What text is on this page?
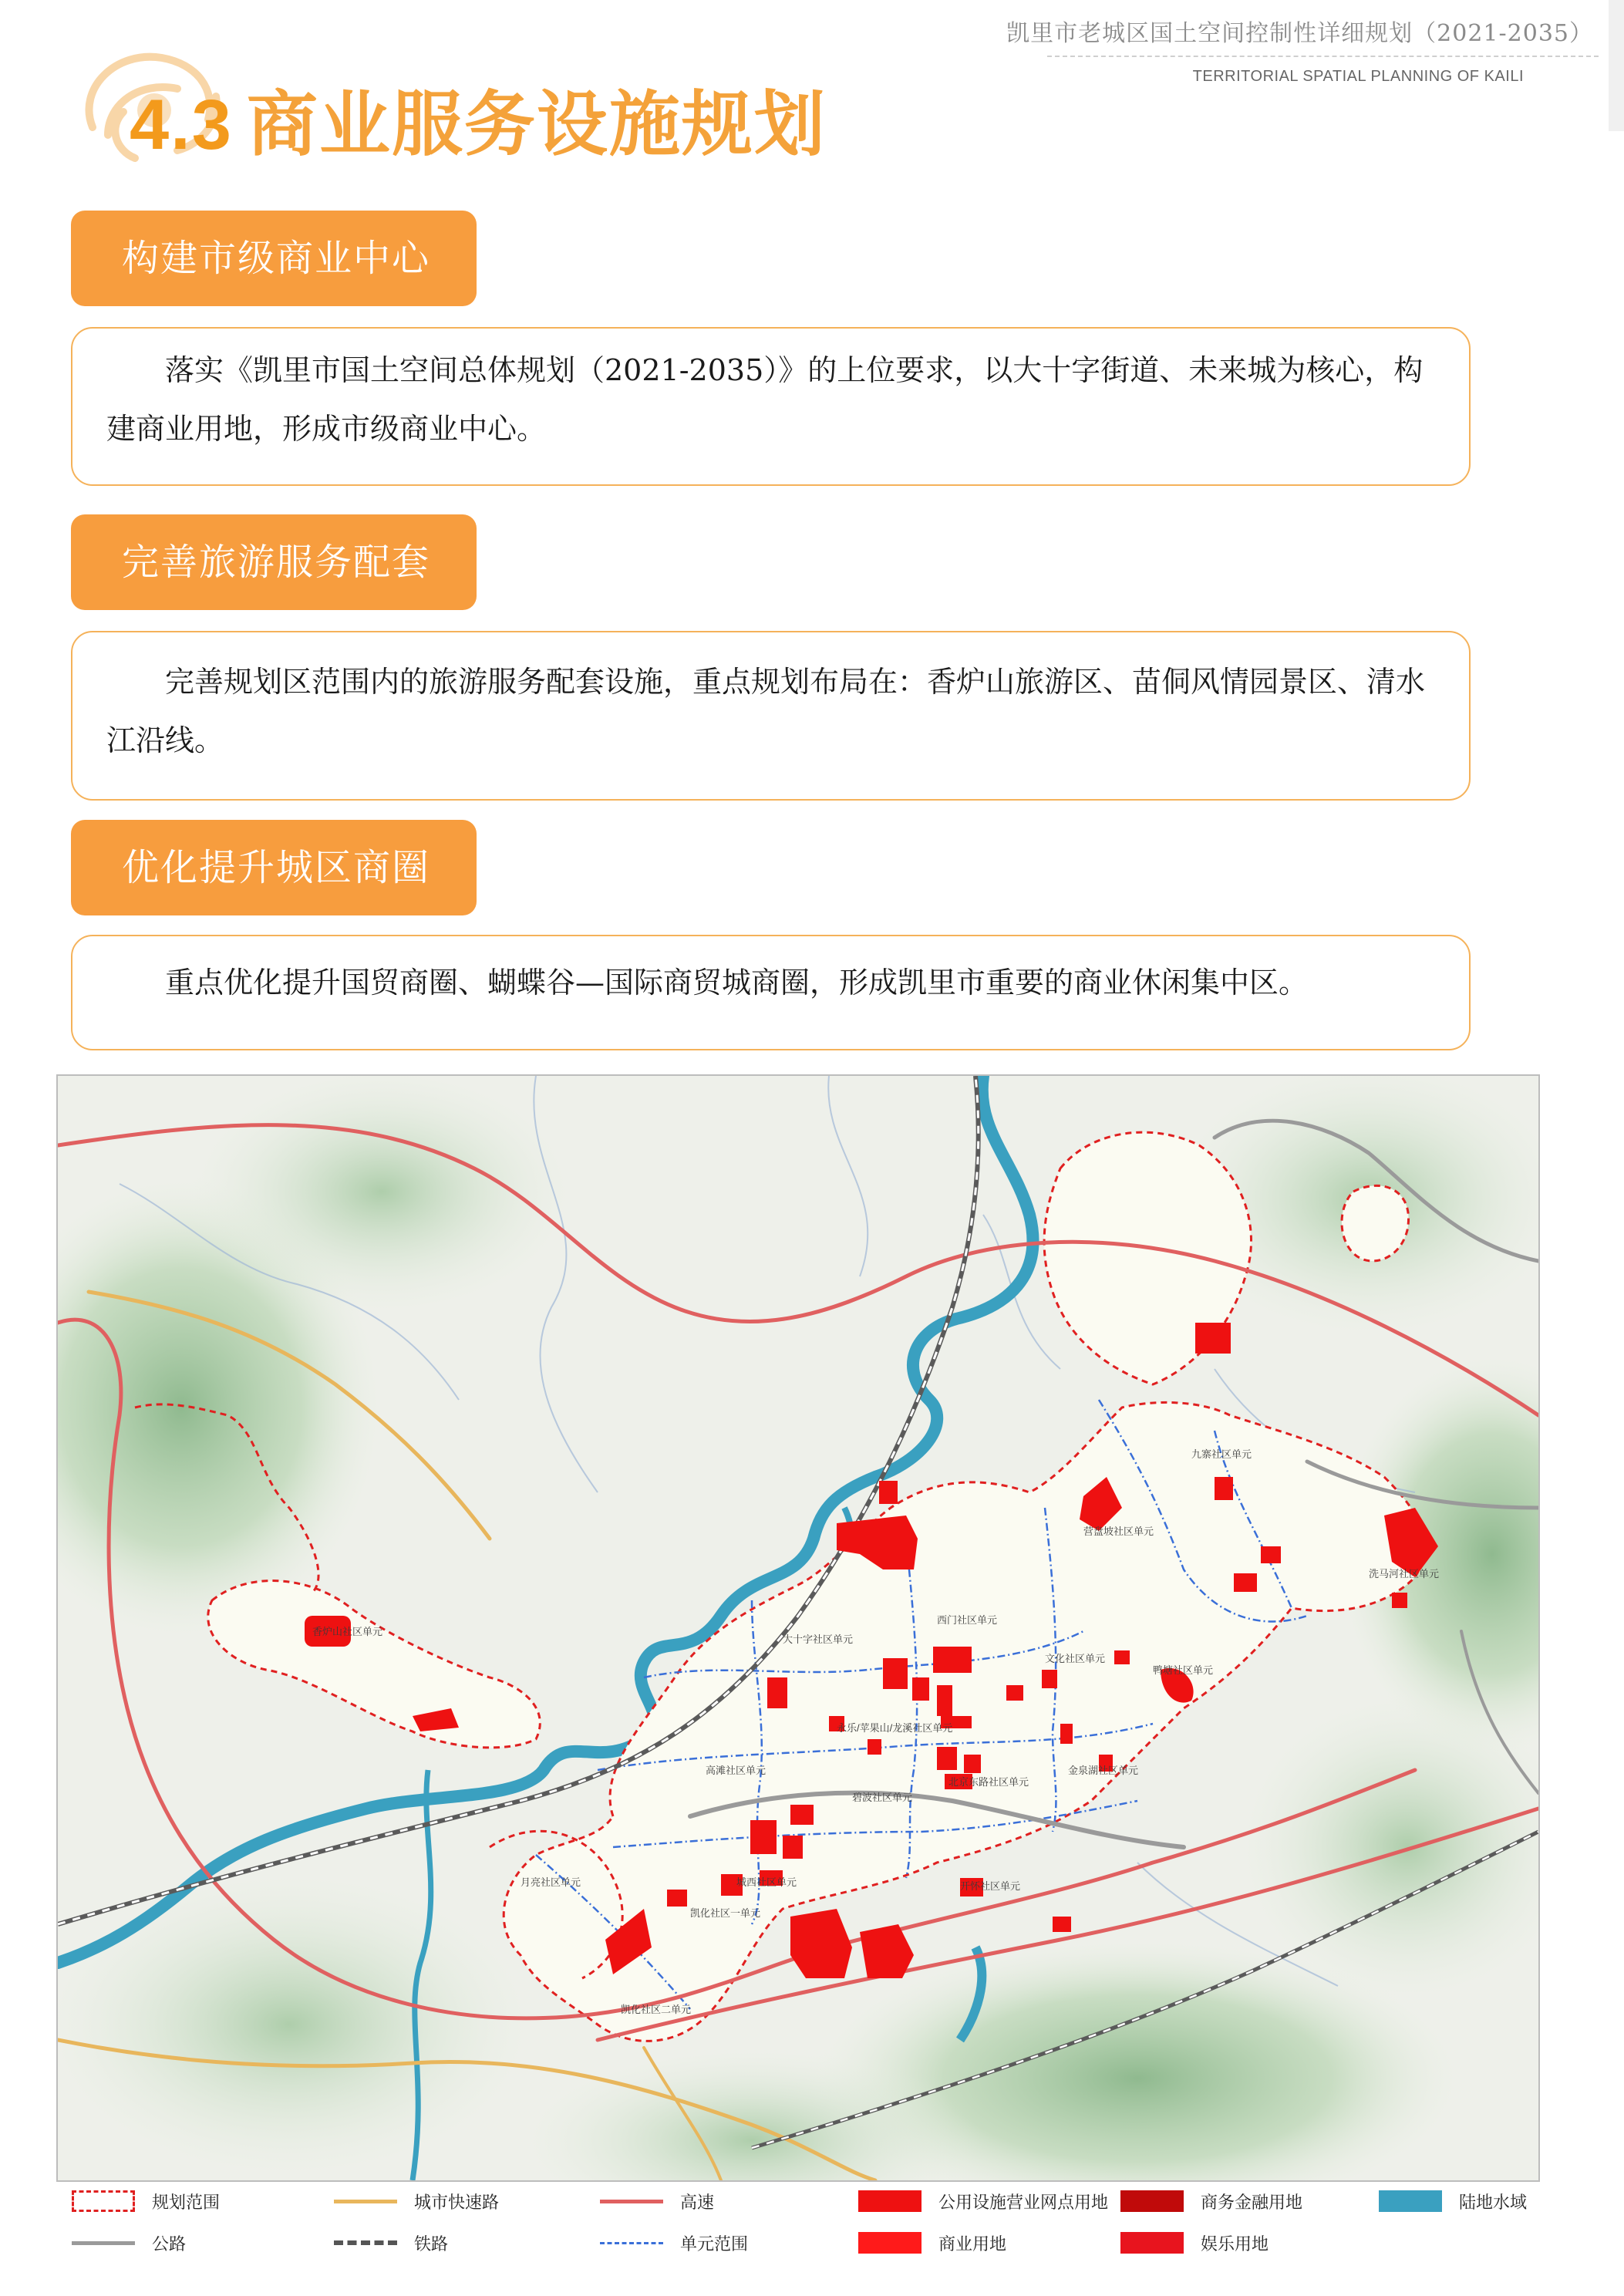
凯里市老城区国土空间控制性详细规划（2021-2035）
TERRITORIAL SPATIAL PLANNING OF KAILI
4.3 商业服务设施规划
构建市级商业中心

落实《凯里市国土空间总体规划（2021-2035）》的上位要求，以大十字街道、未来城为核心，构建商业用地，形成市级商业中心。

完善旅游服务配套

完善规划区范围内的旅游服务配套设施，重点规划布局在：香炉山旅游区、苗侗风情园景区、清水江沿线。

优化提升城区商圈

重点优化提升国贸商圈、蝴蝶谷—国际商贸城商圈，形成凯里市重要的商业休闲集中区。

九寨社区单元
营盘坡社区单元
洗马河社区单元
西门社区单元
大十字社区单元
文化社区单元
鸭塘社区单元
永乐/苹果山/龙溪社区单元
高滩社区单元	金泉湖社区单元
北京东路社区单元
碧波社区单元
月亮社区单元	开怀社区单元
城西社区单元
凯化社区一单元
凯化社区二单元
香炉山社区单元
规划范围	城市快速路	高速	公用设施营业网点用地	商务金融用地	陆地水域
公路	铁路	单元范围	商业用地	娱乐用地
